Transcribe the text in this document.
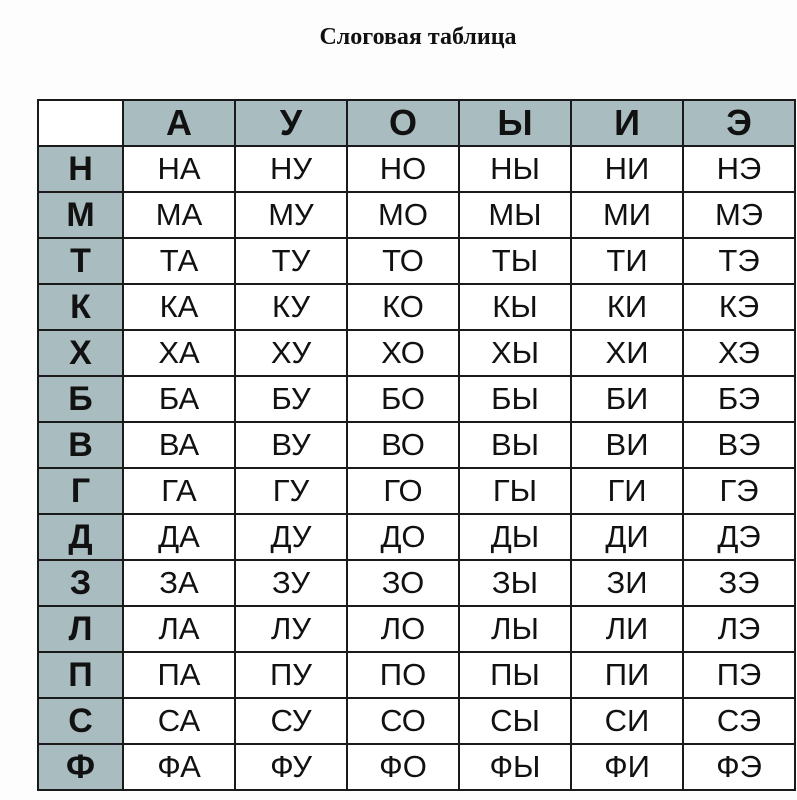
Слоговая таблица
	А	У	О	Ы	И	Э
Н	НА	НУ	НО	НЫ	НИ	НЭ
М	МА	МУ	МО	МЫ	МИ	МЭ
Т	ТА	ТУ	ТО	ТЫ	ТИ	ТЭ
К	КА	КУ	КО	КЫ	КИ	КЭ
Х	ХА	ХУ	ХО	ХЫ	ХИ	ХЭ
Б	БА	БУ	БО	БЫ	БИ	БЭ
В	ВА	ВУ	ВО	ВЫ	ВИ	ВЭ
Г	ГА	ГУ	ГО	ГЫ	ГИ	ГЭ
Д	ДА	ДУ	ДО	ДЫ	ДИ	ДЭ
З	ЗА	ЗУ	ЗО	ЗЫ	ЗИ	ЗЭ
Л	ЛА	ЛУ	ЛО	ЛЫ	ЛИ	ЛЭ
П	ПА	ПУ	ПО	ПЫ	ПИ	ПЭ
С	СА	СУ	СО	СЫ	СИ	СЭ
Ф	ФА	ФУ	ФО	ФЫ	ФИ	ФЭ
